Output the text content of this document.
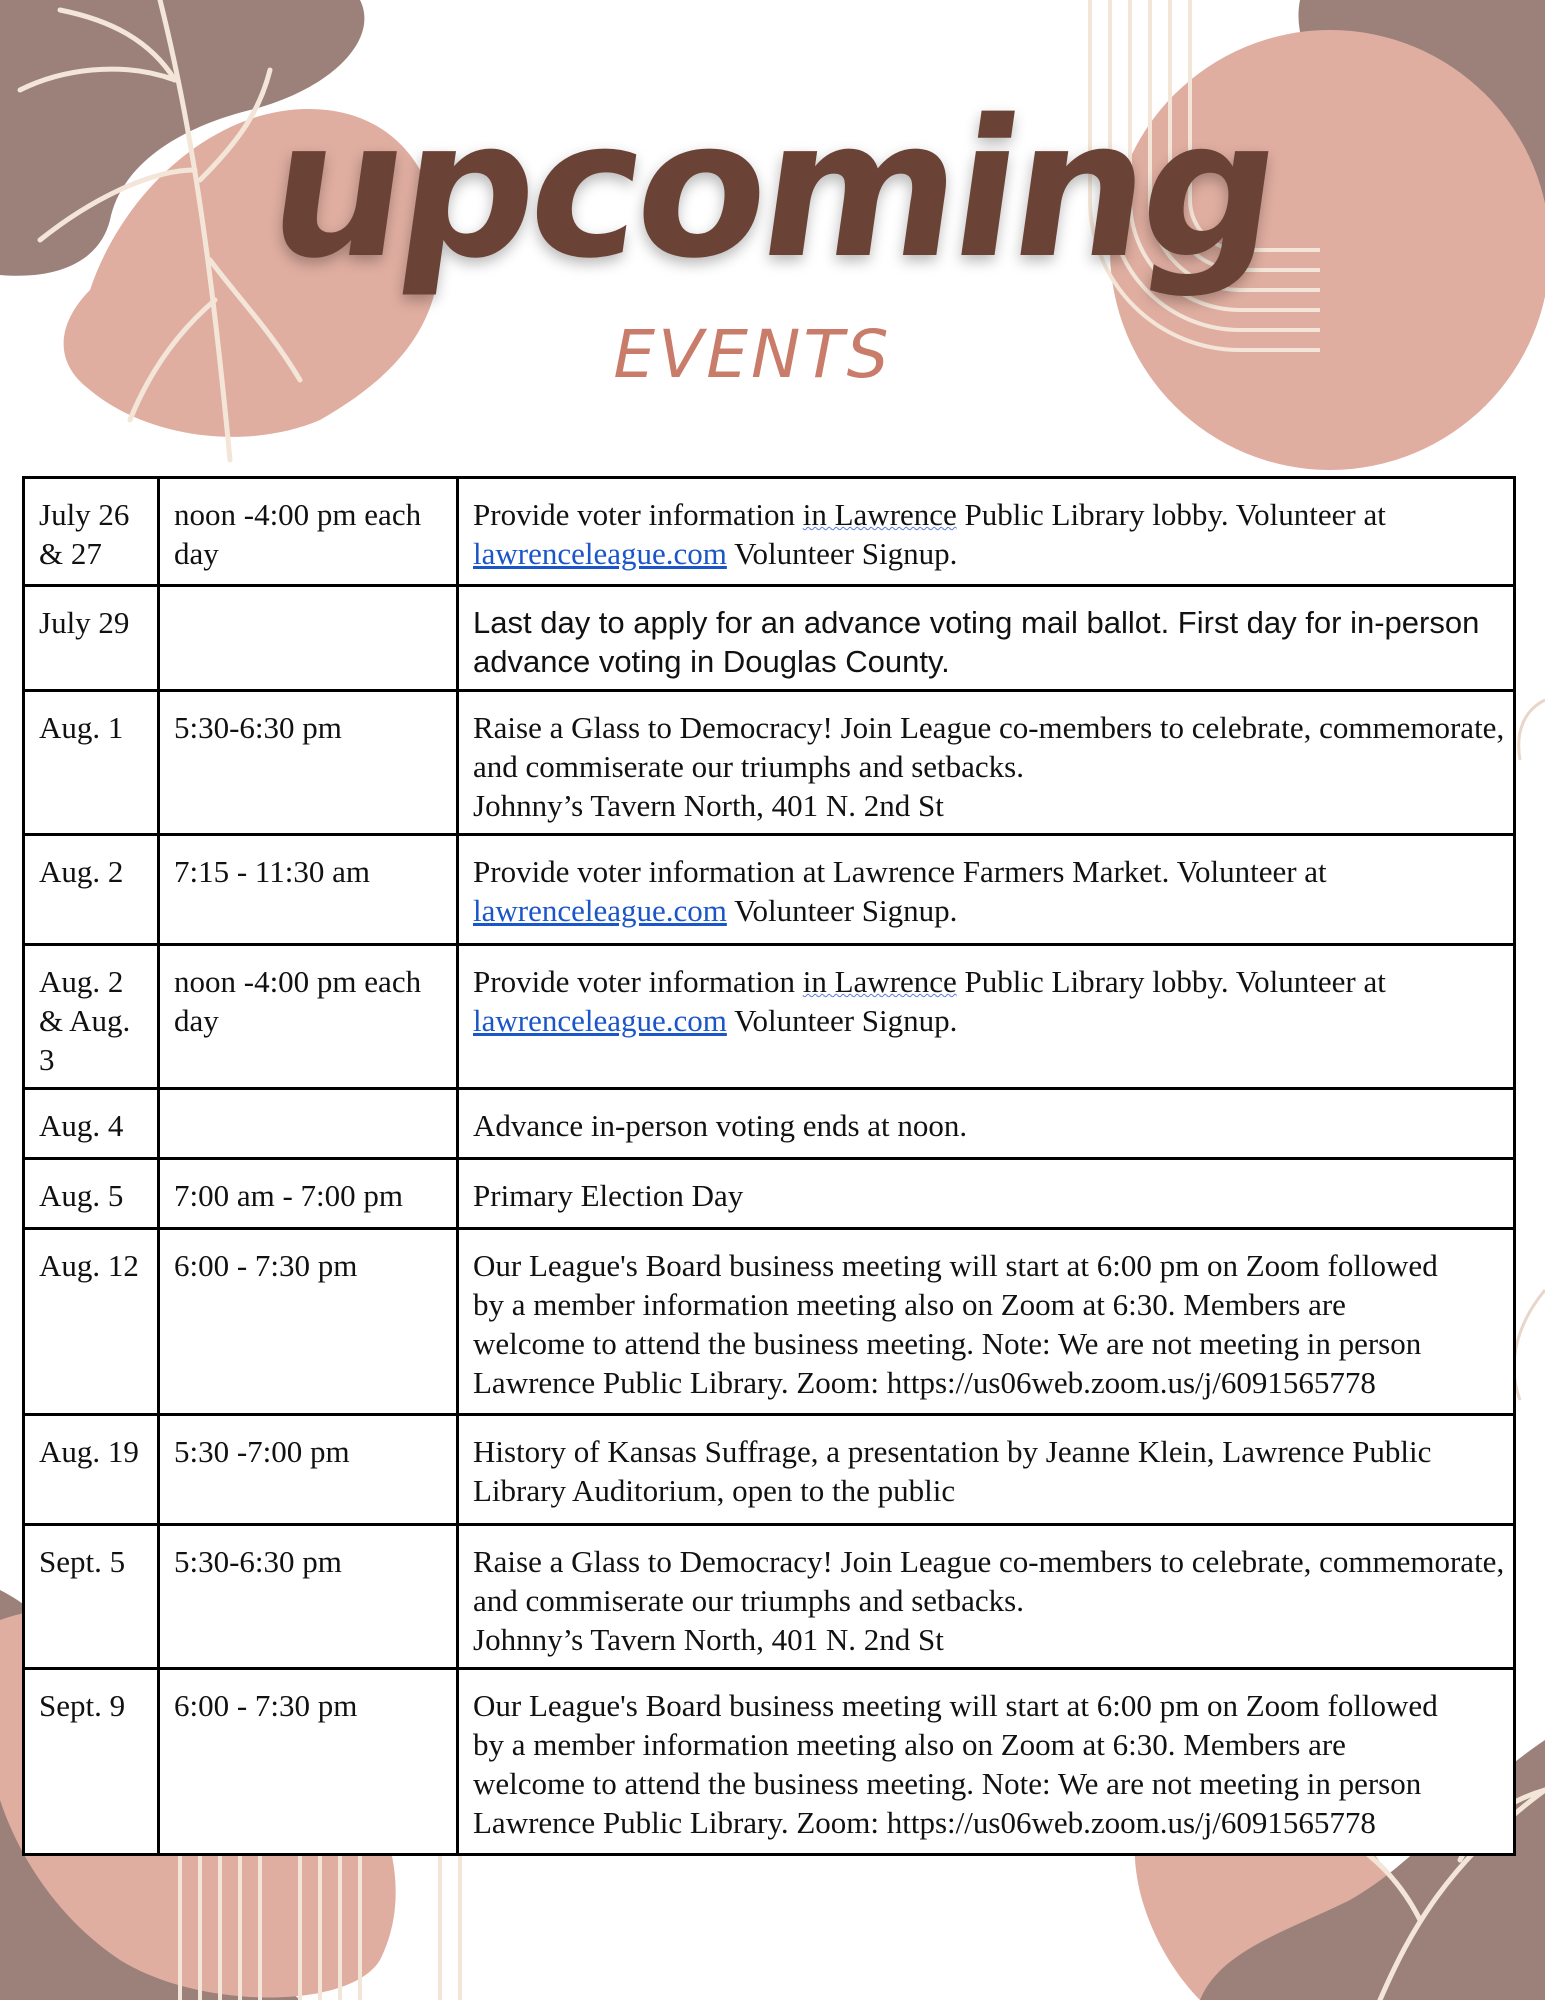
upcoming
EVENTS
July 26 & 27	noon -4:00 pm each day	Provide voter information in Lawrence Public Library lobby. Volunteer at
lawrenceleague.com Volunteer Signup.
July 29		Last day to apply for an advance voting mail ballot. First day for in-person
advance voting in Douglas County.

Aug. 1	5:30-6:30 pm	Raise a Glass to Democracy! Join League co-members to celebrate, commemorate,
and commiserate our triumphs and setbacks.
Johnny’s Tavern North, 401 N. 2nd St

Aug. 2	7:15 - 11:30 am	Provide voter information at Lawrence Farmers Market. Volunteer at
lawrenceleague.com Volunteer Signup.
Aug. 2 & Aug. 3	noon -4:00 pm each day	Provide voter information in Lawrence Public Library lobby. Volunteer at
lawrenceleague.com Volunteer Signup.
Aug. 4		Advance in-person voting ends at noon.

Aug. 5	7:00 am - 7:00 pm	Primary Election Day

Aug. 12	6:00 - 7:30 pm	Our League's Board business meeting will start at 6:00 pm on Zoom followed
by a member information meeting also on Zoom at 6:30. Members are
welcome to attend the business meeting. Note: We are not meeting in person
Lawrence Public Library. Zoom: https://us06web.zoom.us/j/6091565778

Aug. 19	5:30 -7:00 pm	History of Kansas Suffrage, a presentation by Jeanne Klein, Lawrence Public
Library Auditorium, open to the public

Sept. 5	5:30-6:30 pm	Raise a Glass to Democracy! Join League co-members to celebrate, commemorate,
and commiserate our triumphs and setbacks.
Johnny’s Tavern North, 401 N. 2nd St

Sept. 9	6:00 - 7:30 pm	Our League's Board business meeting will start at 6:00 pm on Zoom followed
by a member information meeting also on Zoom at 6:30. Members are
welcome to attend the business meeting. Note: We are not meeting in person
Lawrence Public Library. Zoom: https://us06web.zoom.us/j/6091565778
